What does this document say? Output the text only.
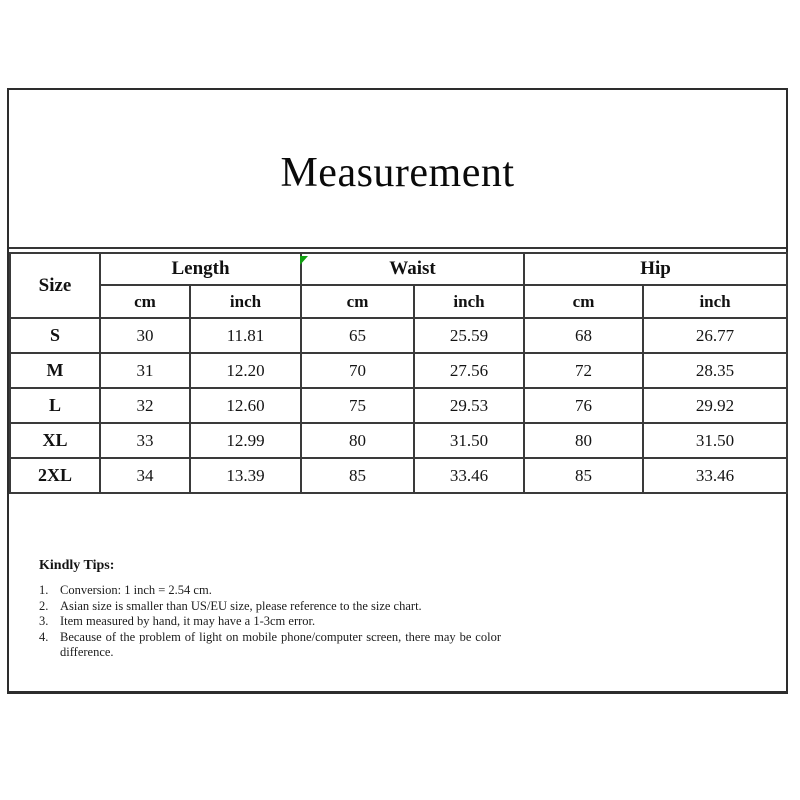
Measurement
Size	Length		Waist		Hip	
	cm	inch	cm	inch	cm	inch
S	30	11.81	65	25.59	68	26.77
M	31	12.20	70	27.56	72	28.35
L	32	12.60	75	29.53	76	29.92
XL	33	12.99	80	31.50	80	31.50
2XL	34	13.39	85	33.46	85	33.46
Kindly Tips:
1. Conversion: 1 inch = 2.54 cm.
2. Asian size is smaller than US/EU size, please reference to the size chart.
3. Item measured by hand, it may have a 1-3cm error.
4. Because of the problem of light on mobile phone/computer screen, there may be color difference.
